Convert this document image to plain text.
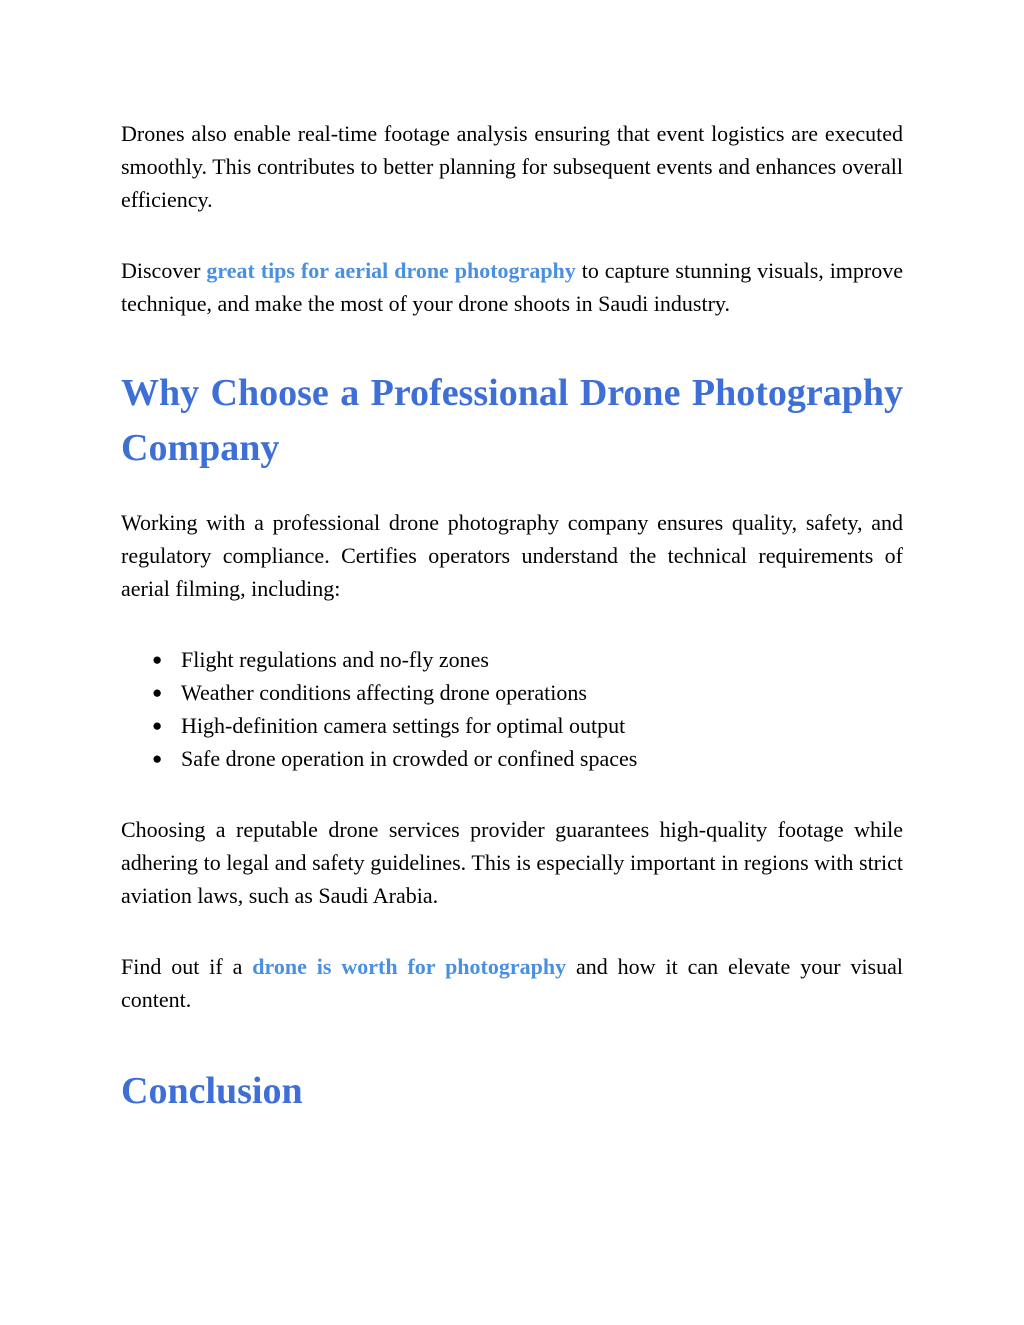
Drones also enable real-time footage analysis ensuring that event logistics are executed smoothly. This contributes to better planning for subsequent events and enhances overall efficiency.

Discover great tips for aerial drone photography to capture stunning visuals, improve technique, and make the most of your drone shoots in Saudi industry.

Why Choose a Professional Drone Photography Company

Working with a professional drone photography company ensures quality, safety, and regulatory compliance. Certifies operators understand the technical requirements of aerial filming, including:

● Flight regulations and no-fly zones
● Weather conditions affecting drone operations
● High-definition camera settings for optimal output
● Safe drone operation in crowded or confined spaces

Choosing a reputable drone services provider guarantees high-quality footage while adhering to legal and safety guidelines. This is especially important in regions with strict aviation laws, such as Saudi Arabia.

Find out if a drone is worth for photography and how it can elevate your visual content.

Conclusion
